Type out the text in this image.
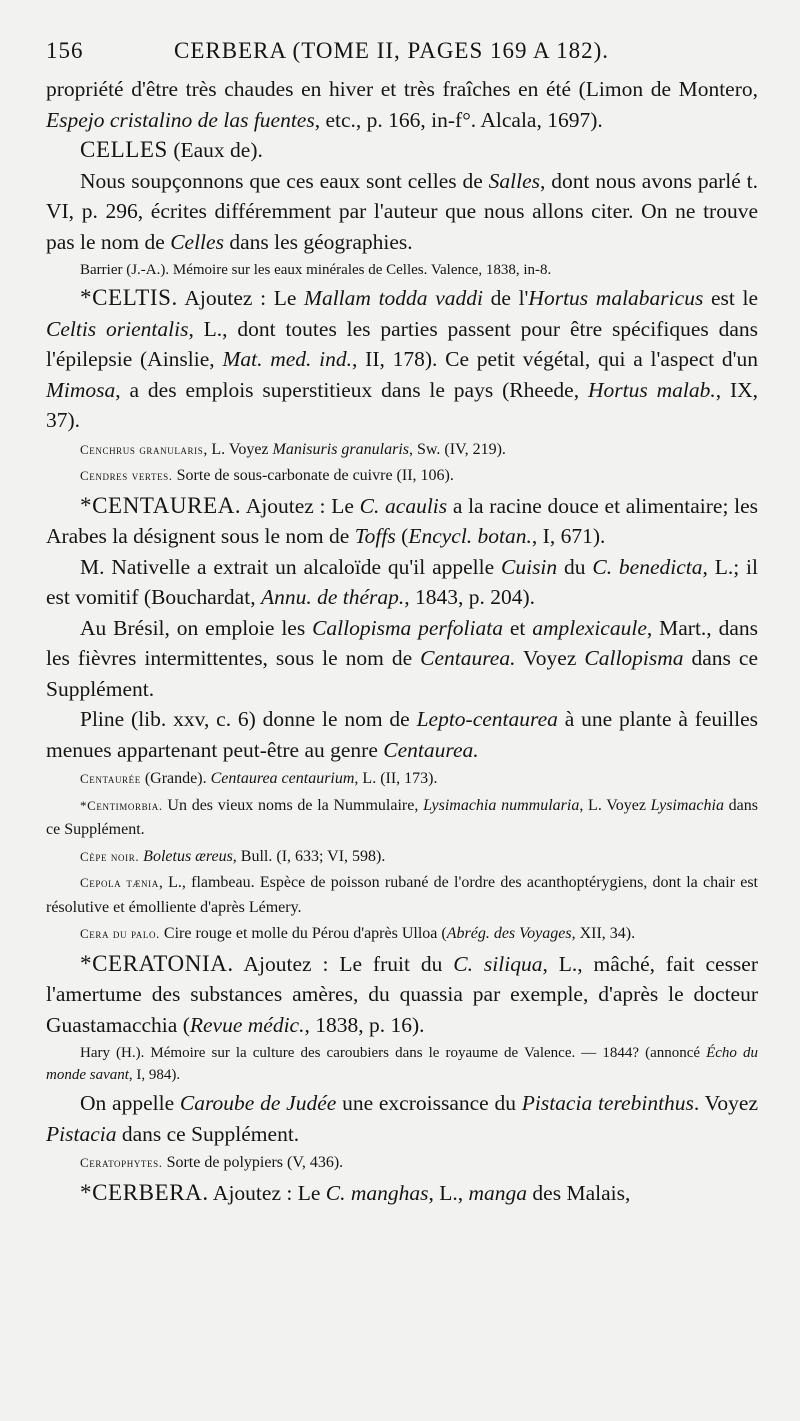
156	CERBERA (TOME II, PAGES 169 A 182).

propriété d'être très chaudes en hiver et très fraîches en été (Limon de Montero, Espejo cristalino de las fuentes, etc., p. 166, in-f°. Alcala, 1697).

CELLES (Eaux de).

Nous soupçonnons que ces eaux sont celles de Salles, dont nous avons parlé t. VI, p. 296, écrites différemment par l'auteur que nous allons citer. On ne trouve pas le nom de Celles dans les géographies.

Barrier (J.-A.). Mémoire sur les eaux minérales de Celles. Valence, 1838, in-8.

*CELTIS. Ajoutez : Le Mallam todda vaddi de l'Hortus malabaricus est le Celtis orientalis, L., dont toutes les parties passent pour être spécifiques dans l'épilepsie (Ainslie, Mat. med. ind., II, 178). Ce petit végétal, qui a l'aspect d'un Mimosa, a des emplois superstitieux dans le pays (Rheede, Hortus malab., IX, 37).

Cenchrus granularis, L. Voyez Manisuris granularis, Sw. (IV, 219).

Cendres vertes. Sorte de sous-carbonate de cuivre (II, 106).

*CENTAUREA. Ajoutez : Le C. acaulis a la racine douce et alimentaire; les Arabes la désignent sous le nom de Toffs (Encycl. botan., I, 671).

M. Nativelle a extrait un alcaloïde qu'il appelle Cuisin du C. benedicta, L.; il est vomitif (Bouchardat, Annu. de thérap., 1843, p. 204).

Au Brésil, on emploie les Callopisma perfoliata et amplexicaule, Mart., dans les fièvres intermittentes, sous le nom de Centaurea. Voyez Callopisma dans ce Supplément.

Pline (lib. xxv, c. 6) donne le nom de Lepto-centaurea à une plante à feuilles menues appartenant peut-être au genre Centaurea.

Centaurée (Grande). Centaurea centaurium, L. (II, 173).

*Centimorbia. Un des vieux noms de la Nummulaire, Lysimachia nummularia, L. Voyez Lysimachia dans ce Supplément.

Cèpe noir. Boletus æreus, Bull. (I, 633; VI, 598).

Cepola tænia, L., flambeau. Espèce de poisson rubané de l'ordre des acanthoptérygiens, dont la chair est résolutive et émolliente d'après Lémery.

Cera du palo. Cire rouge et molle du Pérou d'après Ulloa (Abrég. des Voyages, XII, 34).

*CERATONIA. Ajoutez : Le fruit du C. siliqua, L., mâché, fait cesser l'amertume des substances amères, du quassia par exemple, d'après le docteur Guastamacchia (Revue médic., 1838, p. 16).

Hary (H.). Mémoire sur la culture des caroubiers dans le royaume de Valence. — 1844? (annoncé Écho du monde savant, I, 984).

On appelle Caroube de Judée une excroissance du Pistacia terebinthus. Voyez Pistacia dans ce Supplément.

Ceratophytes. Sorte de polypiers (V, 436).

*CERBERA. Ajoutez : Le C. manghas, L., manga des Malais,
